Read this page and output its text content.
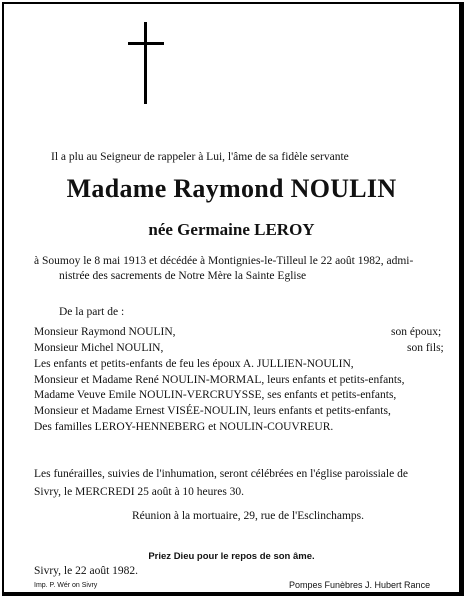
Il a plu au Seigneur de rappeler à Lui, l'âme de sa fidèle servante
Madame Raymond NOULIN
née Germaine LEROY
à Soumoy le 8 mai 1913 et décédée à Montignies-le-Tilleul le 22 août 1982, admi-
nistrée des sacrements de Notre Mère la Sainte Eglise
De la part de :
Monsieur Raymond NOULIN,	son époux;
Monsieur Michel NOULIN,	son fils;
Les enfants et petits-enfants de feu les époux A. JULLIEN-NOULIN,
Monsieur et Madame René NOULIN-MORMAL, leurs enfants et petits-enfants,
Madame Veuve Emile NOULIN-VERCRUYSSE, ses enfants et petits-enfants,
Monsieur et Madame Ernest VISÉE-NOULIN, leurs enfants et petits-enfants,
Des familles LEROY-HENNEBERG et NOULIN-COUVREUR.
Les funérailles, suivies de l'inhumation, seront célébrées en l'église paroissiale de
Sivry, le MERCREDI 25 août à 10 heures 30.
Réunion à la mortuaire, 29, rue de l'Esclinchamps.
Priez Dieu pour le repos de son âme.
Sivry, le 22 août 1982.
Imp. P. Wér on Sivry	Pompes Funèbres J. Hubert Rance
